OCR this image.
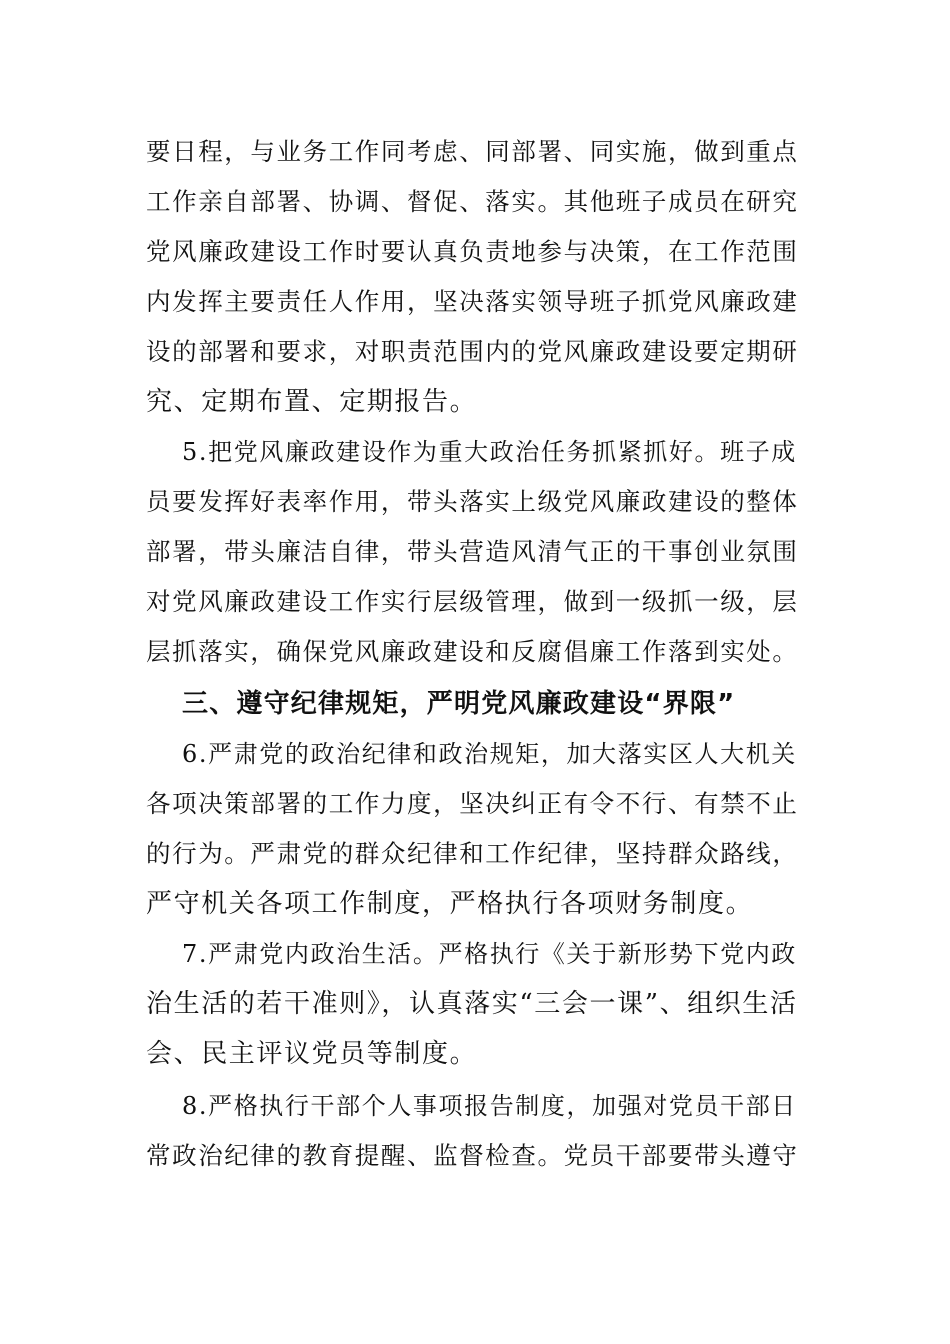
要日程，与业务工作同考虑、同部署、同实施，做到重点
工作亲自部署、协调、督促、落实。其他班子成员在研究
党风廉政建设工作时要认真负责地参与决策，在工作范围
内发挥主要责任人作用，坚决落实领导班子抓党风廉政建
设的部署和要求，对职责范围内的党风廉政建设要定期研
究、定期布置、定期报告。
5.把党风廉政建设作为重大政治任务抓紧抓好。班子成
员要发挥好表率作用，带头落实上级党风廉政建设的整体
部署，带头廉洁自律，带头营造风清气正的干事创业氛围
对党风廉政建设工作实行层级管理，做到一级抓一级，层
层抓落实，确保党风廉政建设和反腐倡廉工作落到实处。
三、遵守纪律规矩，严明党风廉政建设“界限”
6.严肃党的政治纪律和政治规矩，加大落实区人大机关
各项决策部署的工作力度，坚决纠正有令不行、有禁不止
的行为。严肃党的群众纪律和工作纪律，坚持群众路线，
严守机关各项工作制度，严格执行各项财务制度。
7.严肃党内政治生活。严格执行《关于新形势下党内政
治生活的若干准则》，认真落实“三会一课”、组织生活
会、民主评议党员等制度。
8.严格执行干部个人事项报告制度，加强对党员干部日
常政治纪律的教育提醒、监督检查。党员干部要带头遵守
